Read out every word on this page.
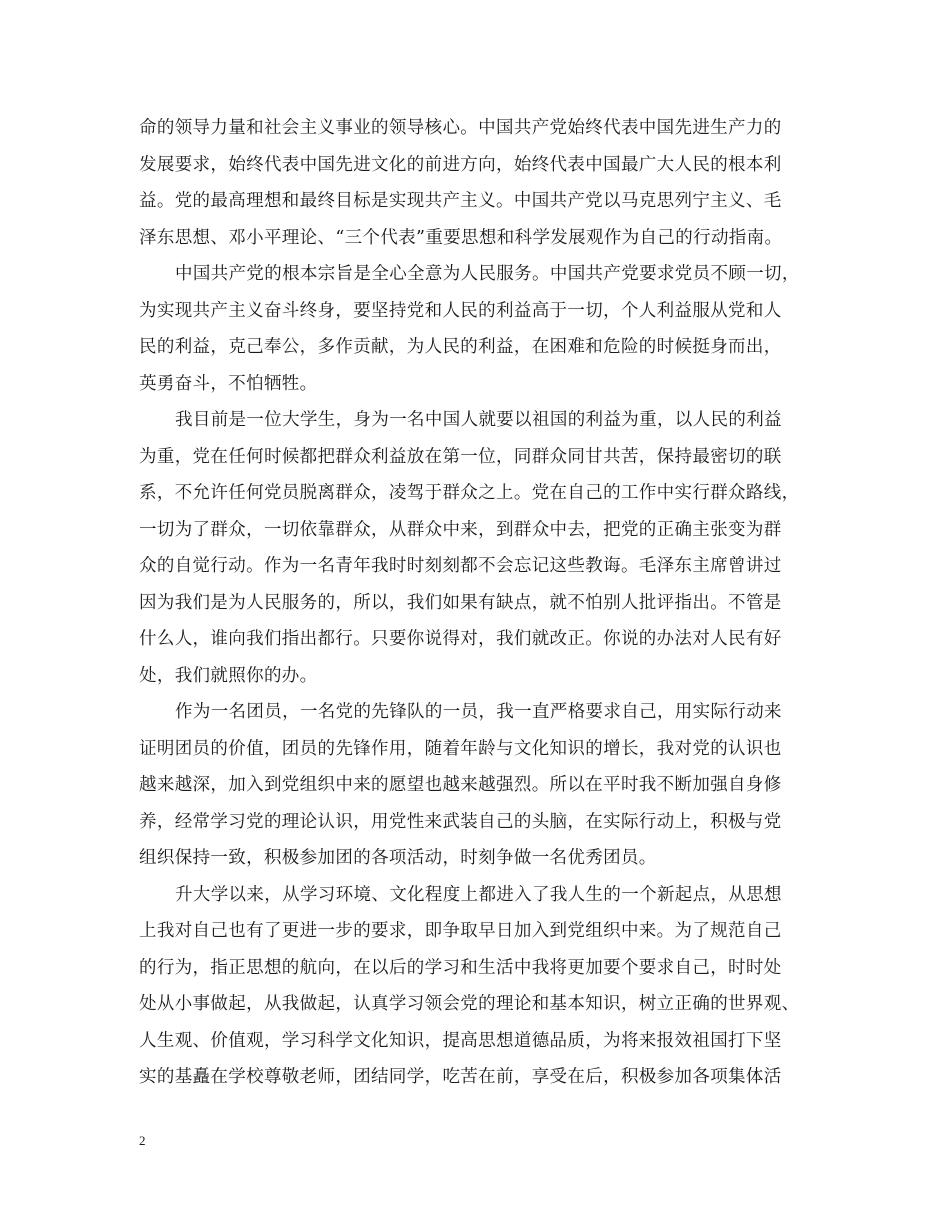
命的领导力量和社会主义事业的领导核心。中国共产党始终代表中国先进生产力的
发展要求，始终代表中国先进文化的前进方向，始终代表中国最广大人民的根本利
益。党的最高理想和最终目标是实现共产主义。中国共产党以马克思列宁主义、毛
泽东思想、邓小平理论、“三个代表”重要思想和科学发展观作为自己的行动指南。
中国共产党的根本宗旨是全心全意为人民服务。中国共产党要求党员不顾一切，
为实现共产主义奋斗终身，要坚持党和人民的利益高于一切，个人利益服从党和人
民的利益，克己奉公，多作贡献，为人民的利益，在困难和危险的时候挺身而出，
英勇奋斗，不怕牺牲。
我目前是一位大学生，身为一名中国人就要以祖国的利益为重，以人民的利益
为重，党在任何时候都把群众利益放在第一位，同群众同甘共苦，保持最密切的联
系，不允许任何党员脱离群众，凌驾于群众之上。党在自己的工作中实行群众路线，
一切为了群众，一切依靠群众，从群众中来，到群众中去，把党的正确主张变为群
众的自觉行动。作为一名青年我时时刻刻都不会忘记这些教诲。毛泽东主席曾讲过
因为我们是为人民服务的，所以，我们如果有缺点，就不怕别人批评指出。不管是
什么人，谁向我们指出都行。只要你说得对，我们就改正。你说的办法对人民有好
处，我们就照你的办。
作为一名团员，一名党的先锋队的一员，我一直严格要求自己，用实际行动来
证明团员的价值，团员的先锋作用，随着年龄与文化知识的增长，我对党的认识也
越来越深，加入到党组织中来的愿望也越来越强烈。所以在平时我不断加强自身修
养，经常学习党的理论认识，用党性来武装自己的头脑，在实际行动上，积极与党
组织保持一致，积极参加团的各项活动，时刻争做一名优秀团员。
升大学以来，从学习环境、文化程度上都进入了我人生的一个新起点，从思想
上我对自己也有了更进一步的要求，即争取早日加入到党组织中来。为了规范自己
的行为，指正思想的航向，在以后的学习和生活中我将更加要个要求自己，时时处
处从小事做起，从我做起，认真学习领会党的理论和基本知识，树立正确的世界观、
人生观、价值观，学习科学文化知识，提高思想道德品质，为将来报效祖国打下坚
实的基矗在学校尊敬老师，团结同学，吃苦在前，享受在后，积极参加各项集体活
2
